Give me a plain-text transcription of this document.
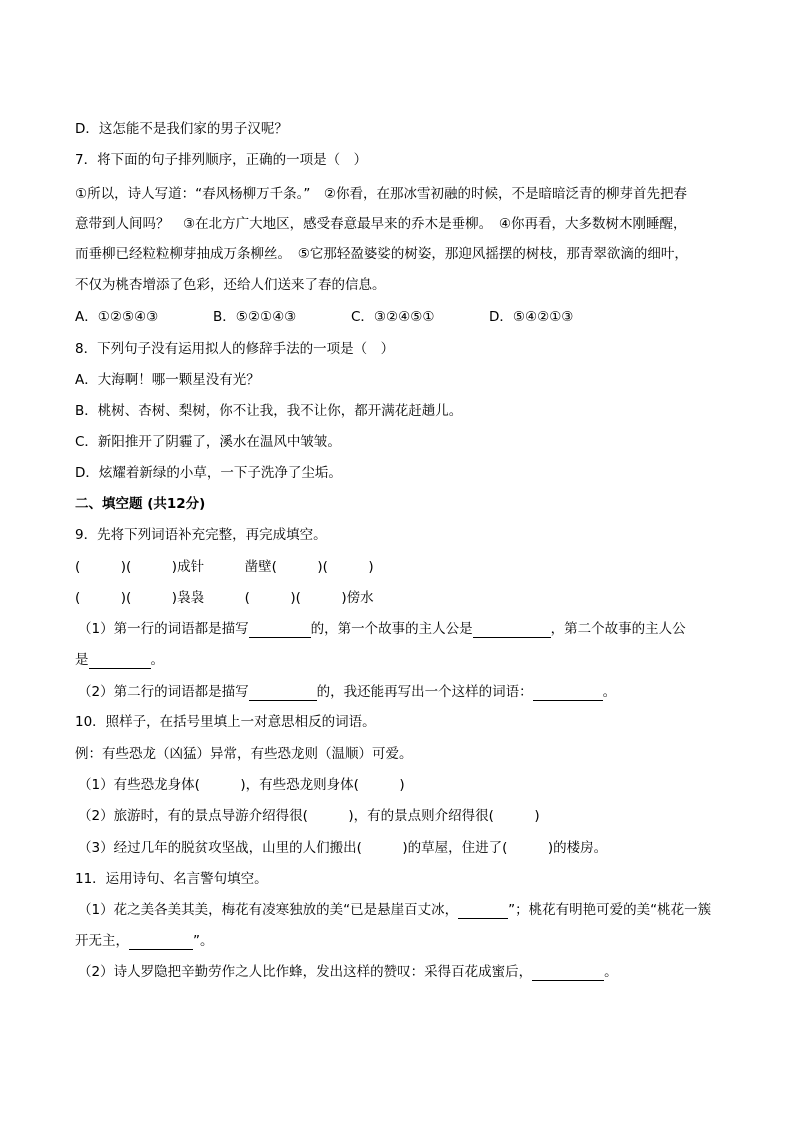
D．这怎能不是我们家的男子汉呢？
7．将下面的句子排列顺序，正确的一项是（　）
①所以，诗人写道：“春风杨柳万千条。”　②你看，在那冰雪初融的时候，不是暗暗泛青的柳芽首先把春
意带到人间吗？　③在北方广大地区，感受春意最早来的乔木是垂柳。　④你再看，大多数树木刚睡醒，
而垂柳已经粒粒柳芽抽成万条柳丝。　⑤它那轻盈婆娑的树姿，那迎风摇摆的树枝，那青翠欲滴的细叶，
不仅为桃杏增添了色彩，还给人们送来了春的信息。
A．①②⑤④③	B．⑤②①④③	C．③②④⑤①	D．⑤④②①③
8．下列句子没有运用拟人的修辞手法的一项是（　）
A．大海啊！哪一颗星没有光？
B．桃树、杏树、梨树，你不让我，我不让你，都开满花赶趟儿。
C．新阳推开了阴霾了，溪水在温风中皱皱。
D．炫耀着新绿的小草，一下子洗净了尘垢。
二、填空题 (共12分)
9．先将下列词语补充完整，再完成填空。
(　　　)(　　　)成针　　　凿壁(　　　)(　　　)
(　　　)(　　　)袅袅　　　(　　　)(　　　)傍水
（1）第一行的词语都是描写	的，第一个故事的主人公是	，第二个故事的主人公
是	。
（2）第二行的词语都是描写	的，我还能再写出一个这样的词语：	。
10．照样子，在括号里填上一对意思相反的词语。
例：有些恐龙（凶猛）异常，有些恐龙则（温顺）可爱。
（1）有些恐龙身体(　　　)，有些恐龙则身体(　　　)
（2）旅游时，有的景点导游介绍得很(　　　)，有的景点则介绍得很(　　　)
（3）经过几年的脱贫攻坚战，山里的人们搬出(　　　)的草屋，住进了(　　　)的楼房。
11．运用诗句、名言警句填空。
（1）花之美各美其美，梅花有凌寒独放的美“已是悬崖百丈冰，	”；桃花有明艳可爱的美“桃花一簇
开无主，	”。
（2）诗人罗隐把辛勤劳作之人比作蜂，发出这样的赞叹：采得百花成蜜后，	。
